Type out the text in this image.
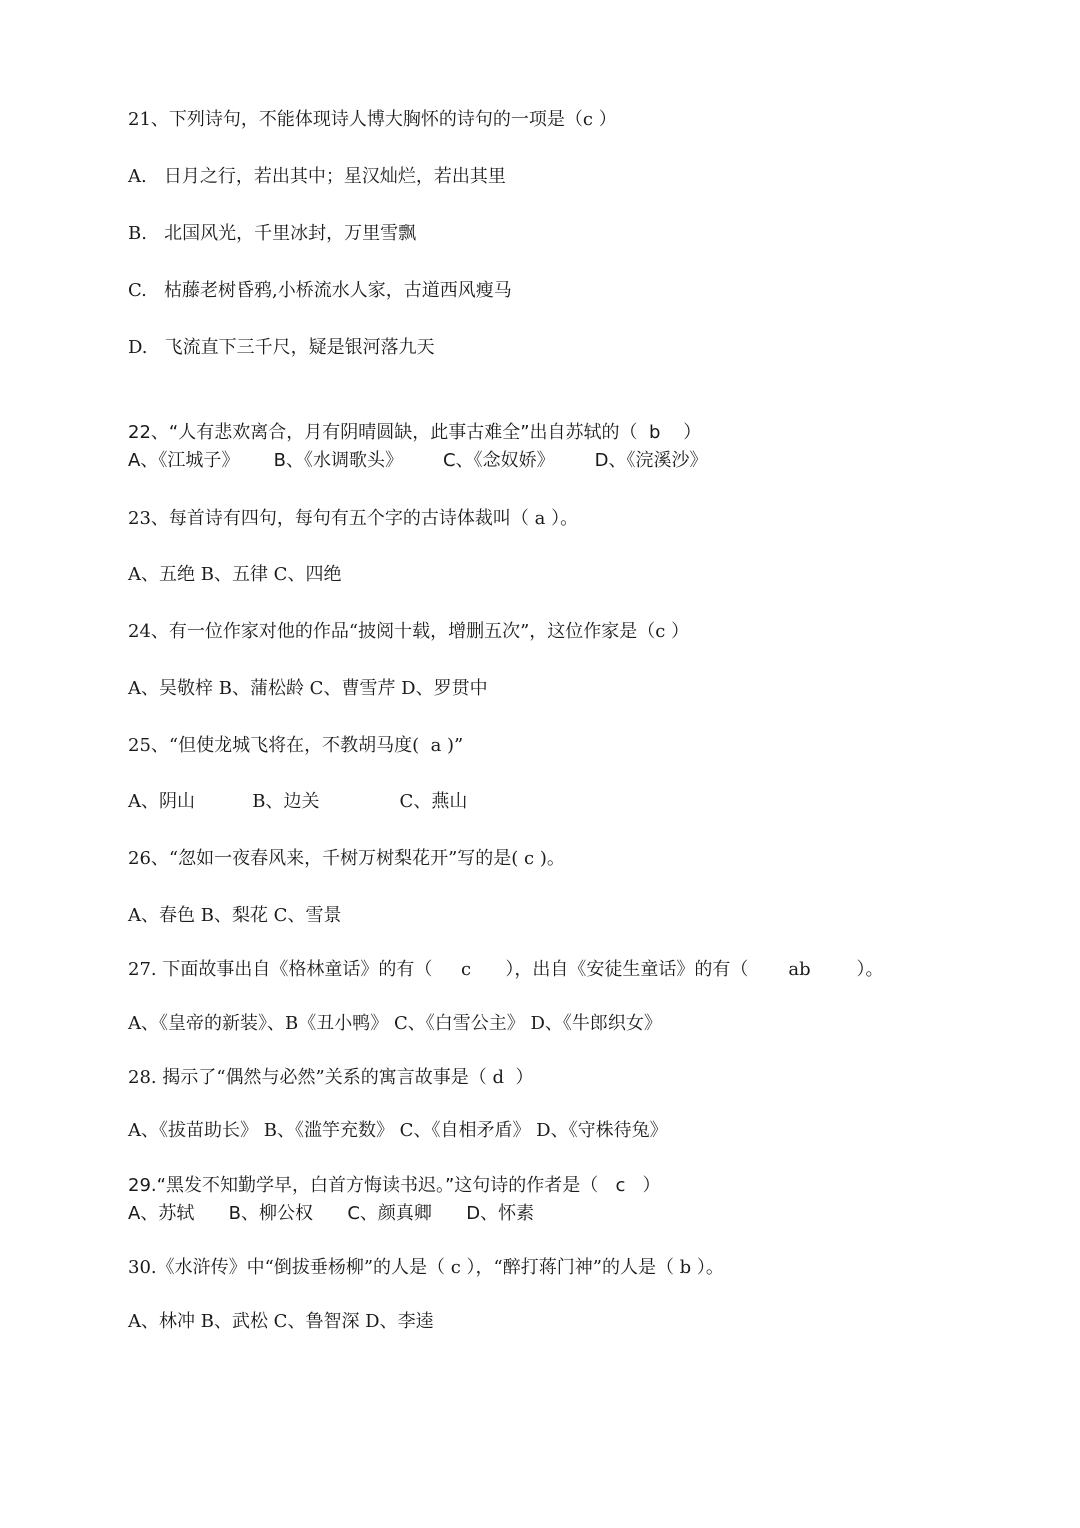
21、下列诗句，不能体现诗人博大胸怀的诗句的一项是（c ）
A.   日月之行，若出其中；星汉灿烂，若出其里
B.   北国风光，千里冰封，万里雪飘
C.   枯藤老树昏鸦,小桥流水人家，古道西风瘦马
D.   飞流直下三千尺，疑是银河落九天
22、“人有悲欢离合，月有阴晴圆缺，此事古难全”出自苏轼的（  b    ）
A、《江城子》      B、《水调歌头》       C、《念奴娇》       D、《浣溪沙》
23、每首诗有四句，每句有五个字的古诗体裁叫（ a ）。
A、五绝 B、五律 C、四绝
24、有一位作家对他的作品“披阅十载，增删五次”，这位作家是（c ）
A、吴敬梓 B、蒲松龄 C、曹雪芹 D、罗贯中
25、“但使龙城飞将在，不教胡马度(  a )”
A、阴山          B、边关              C、燕山
26、“忽如一夜春风来，千树万树梨花开”写的是( c )。
A、春色 B、梨花 C、雪景
27. 下面故事出自《格林童话》的有（     c      ），出自《安徒生童话》的有（       ab        ）。
A、《皇帝的新装》、B《丑小鸭》 C、《白雪公主》 D、《牛郎织女》
28. 揭示了“偶然与必然”关系的寓言故事是（ d  ）
A、《拔苗助长》 B、《滥竽充数》 C、《自相矛盾》 D、《守株待兔》
29.“黑发不知勤学早，白首方悔读书迟。”这句诗的作者是（   c   ）
A、苏轼      B、柳公权      C、颜真卿      D、怀素
30.《水浒传》中“倒拔垂杨柳”的人是（ c ），“醉打蒋门神”的人是（ b ）。
A、林冲 B、武松 C、鲁智深 D、李逵
